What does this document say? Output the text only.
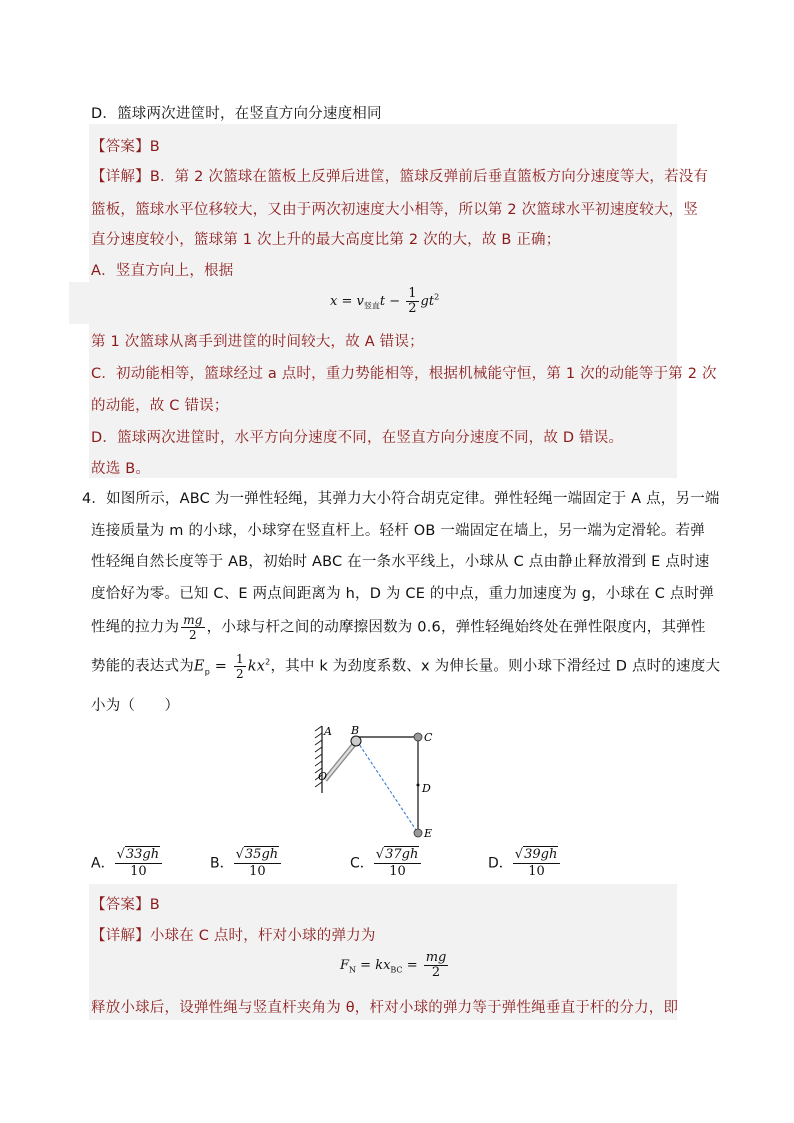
D．篮球两次进筐时，在竖直方向分速度相同
【答案】B
【详解】B．第 2 次篮球在篮板上反弹后进筐，篮球反弹前后垂直篮板方向分速度等大，若没有
篮板，篮球水平位移较大，又由于两次初速度大小相等，所以第 2 次篮球水平初速度较大，竖
直分速度较小，篮球第 1 次上升的最大高度比第 2 次的大，故 B 正确；
A．竖直方向上，根据
$x = v_{竖直}t - \frac{1}{2} gt^2$
第 1 次篮球从离手到进筐的时间较大，故 A 错误；
C．初动能相等，篮球经过 a 点时，重力势能相等，根据机械能守恒，第 1 次的动能等于第 2 次
的动能，故 C 错误；
D．篮球两次进筐时，水平方向分速度不同，在竖直方向分速度不同，故 D 错误。
故选 B。
4．如图所示，ABC 为一弹性轻绳，其弹力大小符合胡克定律。弹性轻绳一端固定于 A 点，另一端
连接质量为 m 的小球，小球穿在竖直杆上。轻杆 OB 一端固定在墙上，另一端为定滑轮。若弹
性轻绳自然长度等于 AB，初始时 ABC 在一条水平线上，小球从 C 点由静止释放滑到 E 点时速
度恰好为零。已知 C、E 两点间距离为 h，D 为 CE 的中点，重力加速度为 g，小球在 C 点时弹
性绳的拉力为 $\frac{mg}{2}$ ，小球与杆之间的动摩擦因数为 0.6，弹性轻绳始终处在弹性限度内，其弹性
势能的表达式为$E_p = \frac{1}{2} kx^2$，其中 k 为劲度系数、x 为伸长量。则小球下滑经过 D 点时的速度大
小为（　　）
A B
C
D
E
O
A． $\frac{√33gh}{10}$	B． $\frac{√35gh}{10}$	C． $\frac{√37gh}{10}$	D． $\frac{√39gh}{10}$
【答案】B
【详解】小球在 C 点时，杆对小球的弹力为
$F_N = kx_{BC} = \frac{mg}{2}$
释放小球后，设弹性绳与竖直杆夹角为 θ，杆对小球的弹力等于弹性绳垂直于杆的分力，即
